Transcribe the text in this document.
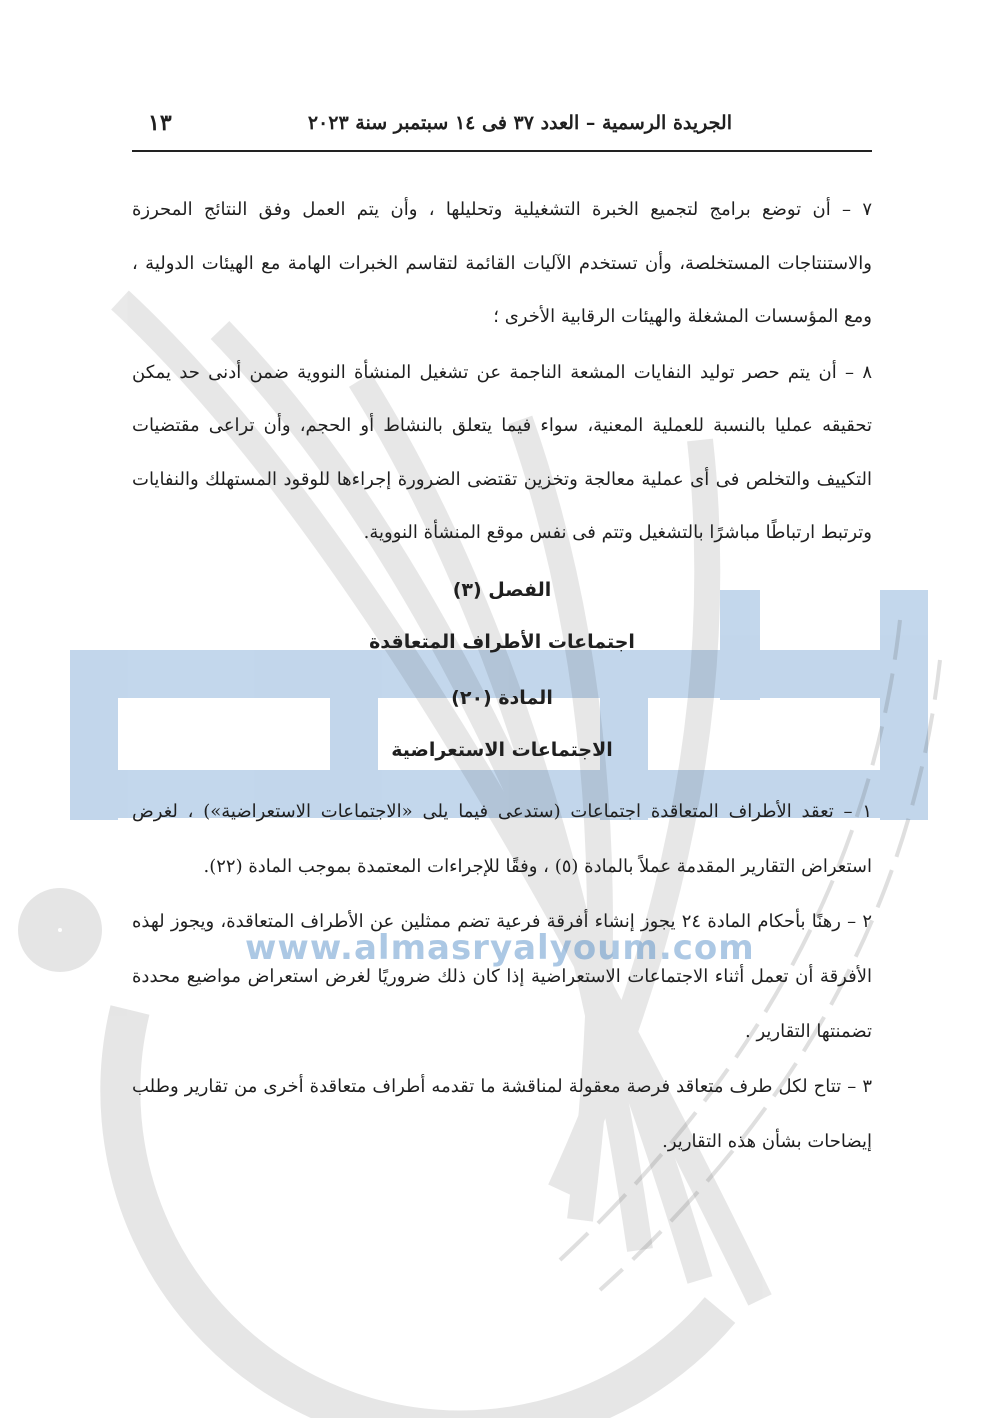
الجريدة الرسمية – العدد ٣٧ فى ١٤ سبتمبر سنة ٢٠٢٣
١٣

٧ – أن توضع برامج لتجميع الخبرة التشغيلية وتحليلها ، وأن يتم العمل وفق النتائج المحرزة والاستنتاجات المستخلصة، وأن تستخدم الآليات القائمة لتقاسم الخبرات الهامة مع الهيئات الدولية ، ومع المؤسسات المشغلة والهيئات الرقابية الأخرى ؛

٨ – أن يتم حصر توليد النفايات المشعة الناجمة عن تشغيل المنشأة النووية ضمن أدنى حد يمكن تحقيقه عمليا بالنسبة للعملية المعنية، سواء فيما يتعلق بالنشاط أو الحجم، وأن تراعى مقتضيات التكييف والتخلص فى أى عملية معالجة وتخزين تقتضى الضرورة إجراءها للوقود المستهلك والنفايات وترتبط ارتباطًا مباشرًا بالتشغيل وتتم فى نفس موقع المنشأة النووية.

الفصل (٣)
اجتماعات الأطراف المتعاقدة
المادة (٢٠)
الاجتماعات الاستعراضية

١ – تعقد الأطراف المتعاقدة اجتماعات (ستدعى فيما يلى «الاجتماعات الاستعراضية») ، لغرض استعراض التقارير المقدمة عملاً بالمادة (٥) ، وفقًا للإجراءات المعتمدة بموجب المادة (٢٢).

٢ – رهنًا بأحكام المادة ٢٤ يجوز إنشاء أفرقة فرعية تضم ممثلين عن الأطراف المتعاقدة، ويجوز لهذه الأفرقة أن تعمل أثناء الاجتماعات الاستعراضية إذا كان ذلك ضروريًا لغرض استعراض مواضيع محددة تضمنتها التقارير .

٣ – تتاح لكل طرف متعاقد فرصة معقولة لمناقشة ما تقدمه أطراف متعاقدة أخرى من تقارير وطلب إيضاحات بشأن هذه التقارير.

www.almasryalyoum.com
